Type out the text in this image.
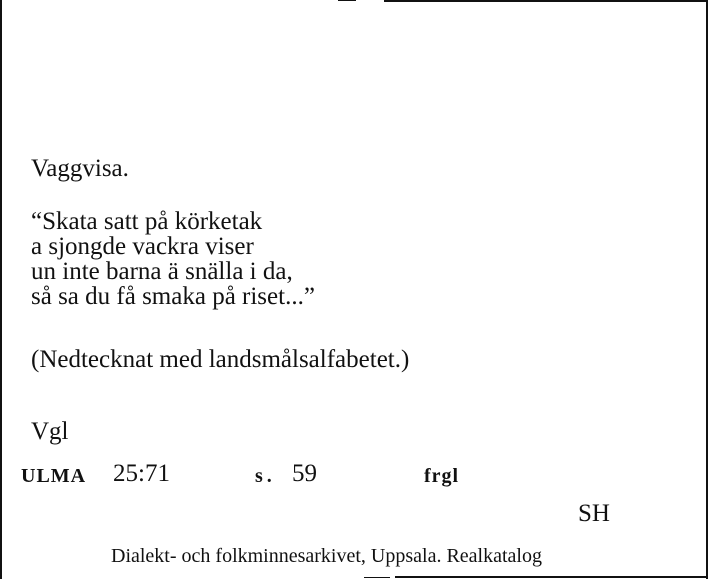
Vaggvisa.
“Skata satt på körketak
a sjongde vackra viser
un inte barna ä snälla i da,
så sa du få smaka på riset...”
(Nedtecknat med landsmålsalfabetet.)
Vgl
ULMA 25:71	s. 59	frgl
SH
Dialekt- och folkminnesarkivet, Uppsala. Realkatalog
